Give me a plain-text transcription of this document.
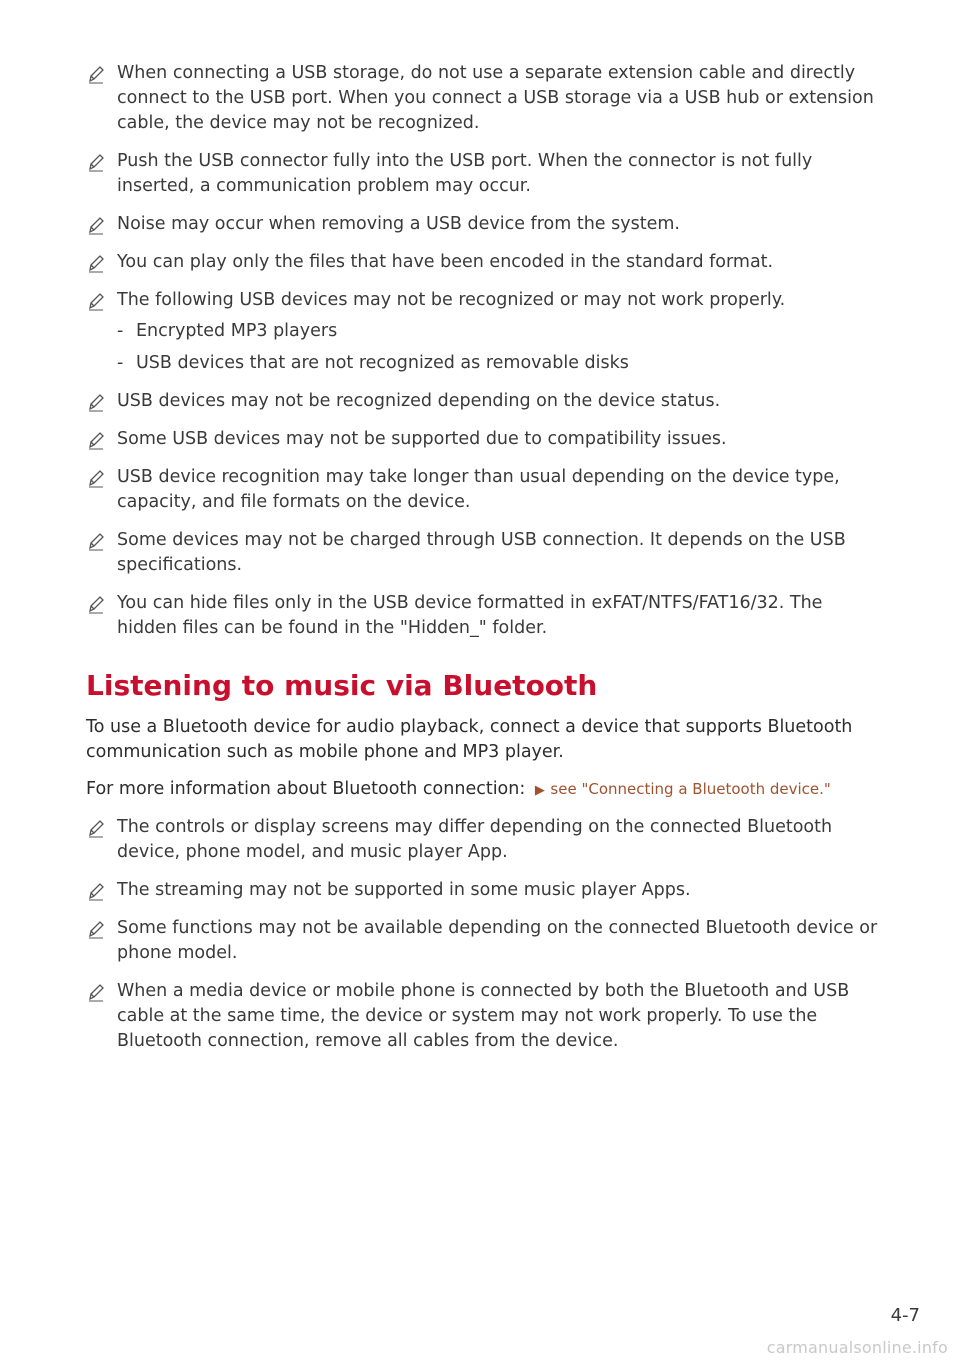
When connecting a USB storage, do not use a separate extension cable and directly connect to the USB port. When you connect a USB storage via a USB hub or extension cable, the device may not be recognized.
Push the USB connector fully into the USB port. When the connector is not fully inserted, a communication problem may occur.
Noise may occur when removing a USB device from the system.
You can play only the files that have been encoded in the standard format.
The following USB devices may not be recognized or may not work properly.
- Encrypted MP3 players
- USB devices that are not recognized as removable disks
USB devices may not be recognized depending on the device status.
Some USB devices may not be supported due to compatibility issues.
USB device recognition may take longer than usual depending on the device type, capacity, and file formats on the device.
Some devices may not be charged through USB connection. It depends on the USB specifications.
You can hide files only in the USB device formatted in exFAT/NTFS/FAT16/32. The hidden files can be found in the "Hidden_" folder.
Listening to music via Bluetooth
To use a Bluetooth device for audio playback, connect a device that supports Bluetooth communication such as mobile phone and MP3 player.
For more information about Bluetooth connection: ▶ see "Connecting a Bluetooth device."
The controls or display screens may differ depending on the connected Bluetooth device, phone model, and music player App.
The streaming may not be supported in some music player Apps.
Some functions may not be available depending on the connected Bluetooth device or phone model.
When a media device or mobile phone is connected by both the Bluetooth and USB cable at the same time, the device or system may not work properly. To use the Bluetooth connection, remove all cables from the device.
4-7
carmanualsonline.info
